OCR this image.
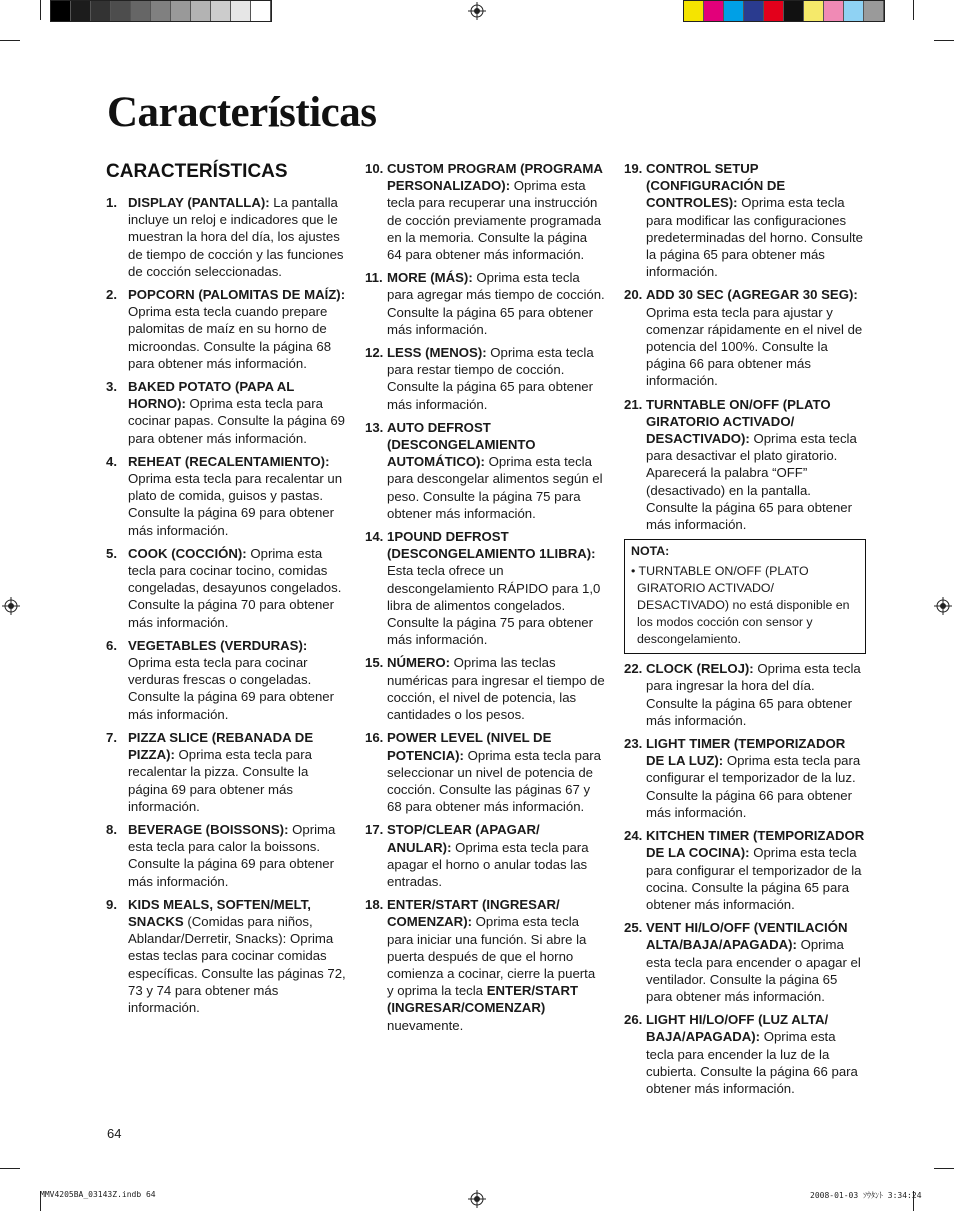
Características
CARACTERÍSTICAS

1. DISPLAY (PANTALLA): La pantalla incluye un reloj e indicadores que le muestran la hora del día, los ajustes de tiempo de cocción y las funciones de cocción seleccionadas.

2. POPCORN (PALOMITAS DE MAÍZ): Oprima esta tecla cuando prepare palomitas de maíz en su horno de microondas. Consulte la página 68 para obtener más información.

3. BAKED POTATO (PAPA AL HORNO): Oprima esta tecla para cocinar papas. Consulte la página 69 para obtener más información.

4. REHEAT (RECALENTAMIENTO): Oprima esta tecla para recalentar un plato de comida, guisos y pastas. Consulte la página 69 para obtener más información.

5. COOK (COCCIÓN): Oprima esta tecla para cocinar tocino, comidas congeladas, desayunos congelados. Consulte la página 70 para obtener más información.

6. VEGETABLES (VERDURAS): Oprima esta tecla para cocinar verduras frescas o congeladas. Consulte la página 69 para obtener más información.

7. PIZZA SLICE (REBANADA DE PIZZA): Oprima esta tecla para recalentar la pizza. Consulte la página 69 para obtener más información.

8. BEVERAGE (BOISSONS): Oprima esta tecla para calor la boissons. Consulte la página 69 para obtener más información.

9. KIDS MEALS, SOFTEN/MELT, SNACKS (Comidas para niños, Ablandar/Derretir, Snacks): Oprima estas teclas para cocinar comidas específicas. Consulte las páginas 72, 73 y 74 para obtener más información.

10. CUSTOM PROGRAM (PROGRAMA PERSONALIZADO): Oprima esta tecla para recuperar una instrucción de cocción previamente programada en la memoria. Consulte la página 64 para obtener más información.

11. MORE (MÁS): Oprima esta tecla para agregar más tiempo de cocción. Consulte la página 65 para obtener más información.

12. LESS (MENOS): Oprima esta tecla para restar tiempo de cocción. Consulte la página 65 para obtener más información.

13. AUTO DEFROST (DESCONGELAMIENTO AUTOMÁTICO): Oprima esta tecla para descongelar alimentos según el peso. Consulte la página 75 para obtener más información.

14. 1POUND DEFROST (DESCONGELAMIENTO 1LIBRA): Esta tecla ofrece un descongelamiento RÁPIDO para 1,0 libra de alimentos congelados. Consulte la página 75 para obtener más información.

15. NÚMERO: Oprima las teclas numéricas para ingresar el tiempo de cocción, el nivel de potencia, las cantidades o los pesos.

16. POWER LEVEL (NIVEL DE POTENCIA): Oprima esta tecla para seleccionar un nivel de potencia de cocción. Consulte las páginas 67 y 68 para obtener más información.

17. STOP/CLEAR (APAGAR/ ANULAR): Oprima esta tecla para apagar el horno o anular todas las entradas.

18. ENTER/START (INGRESAR/ COMENZAR): Oprima esta tecla para iniciar una función. Si abre la puerta después de que el horno comienza a cocinar, cierre la puerta y oprima la tecla ENTER/START (INGRESAR/COMENZAR) nuevamente.

19. CONTROL SETUP (CONFIGURACIÓN DE CONTROLES): Oprima esta tecla para modificar las configuraciones predeterminadas del horno. Consulte la página 65 para obtener más información.

20. ADD 30 SEC (AGREGAR 30 SEG): Oprima esta tecla para ajustar y comenzar rápidamente en el nivel de potencia del 100%. Consulte la página 66 para obtener más información.

21. TURNTABLE ON/OFF (PLATO GIRATORIO ACTIVADO/ DESACTIVADO): Oprima esta tecla para desactivar el plato giratorio. Aparecerá la palabra “OFF” (desactivado) en la pantalla. Consulte la página 65 para obtener más información.

NOTA:
• TURNTABLE ON/OFF (PLATO GIRATORIO ACTIVADO/ DESACTIVADO) no está disponible en los modos cocción con sensor y descongelamiento.

22. CLOCK (RELOJ): Oprima esta tecla para ingresar la hora del día. Consulte la página 65 para obtener más información.

23. LIGHT TIMER (TEMPORIZADOR DE LA LUZ): Oprima esta tecla para configurar el temporizador de la luz. Consulte la página 66 para obtener más información.

24. KITCHEN TIMER (TEMPORIZADOR DE LA COCINA): Oprima esta tecla para configurar el temporizador de la cocina. Consulte la página 65 para obtener más información.

25. VENT HI/LO/OFF (VENTILACIÓN ALTA/BAJA/APAGADA): Oprima esta tecla para encender o apagar el ventilador. Consulte la página 65 para obtener más información.

26. LIGHT HI/LO/OFF (LUZ ALTA/ BAJA/APAGADA): Oprima esta tecla para encender la luz de la cubierta. Consulte la página 66 para obtener más información.

64
MMV4205BA_03143Z.indb 64	2008-01-03 ｿｳﾀﾝﾄ 3:34:24
